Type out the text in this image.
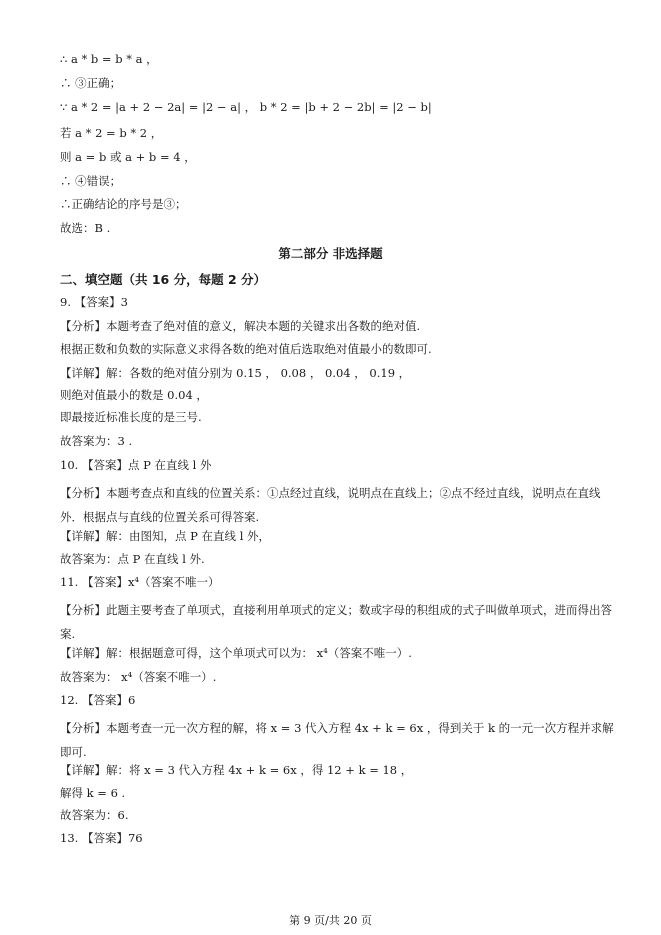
∴ a * b = b * a ，
∴ ③正确；
∵ a * 2 = |a + 2 − 2a| = |2 − a| ， b * 2 = |b + 2 − 2b| = |2 − b|
若 a * 2 = b * 2 ，
则 a = b 或 a + b = 4 ，
∴ ④错误；
∴正确结论的序号是③；
故选：B .
第二部分 非选择题
二、填空题（共 16 分，每题 2 分）
9. 【答案】3
【分析】本题考查了绝对值的意义，解决本题的关键求出各数的绝对值.
根据正数和负数的实际意义求得各数的绝对值后选取绝对值最小的数即可.
【详解】解：各数的绝对值分别为 0.15 ， 0.08 ， 0.04 ， 0.19 ，
则绝对值最小的数是 0.04 ，
即最接近标准长度的是三号.
故答案为：3 .
10. 【答案】点 P 在直线 l 外
【分析】本题考查点和直线的位置关系：①点经过直线，说明点在直线上；②点不经过直线，说明点在直线外．根据点与直线的位置关系可得答案.
【详解】解：由图知，点 P 在直线 l 外，
故答案为：点 P 在直线 l 外.
11. 【答案】x⁴（答案不唯一）
【分析】此题主要考查了单项式，直接利用单项式的定义；数或字母的积组成的式子叫做单项式，进而得出答案.
【详解】解：根据题意可得，这个单项式可以为： x⁴（答案不唯一）.
故答案为： x⁴（答案不唯一）.
12. 【答案】6
【分析】本题考查一元一次方程的解，将 x = 3 代入方程 4x + k = 6x ，得到关于 k 的一元一次方程并求解即可.
【详解】解：将 x = 3 代入方程 4x + k = 6x ，得 12 + k = 18 ，
解得 k = 6 .
故答案为：6.
13. 【答案】76
第 9 页/共 20 页
